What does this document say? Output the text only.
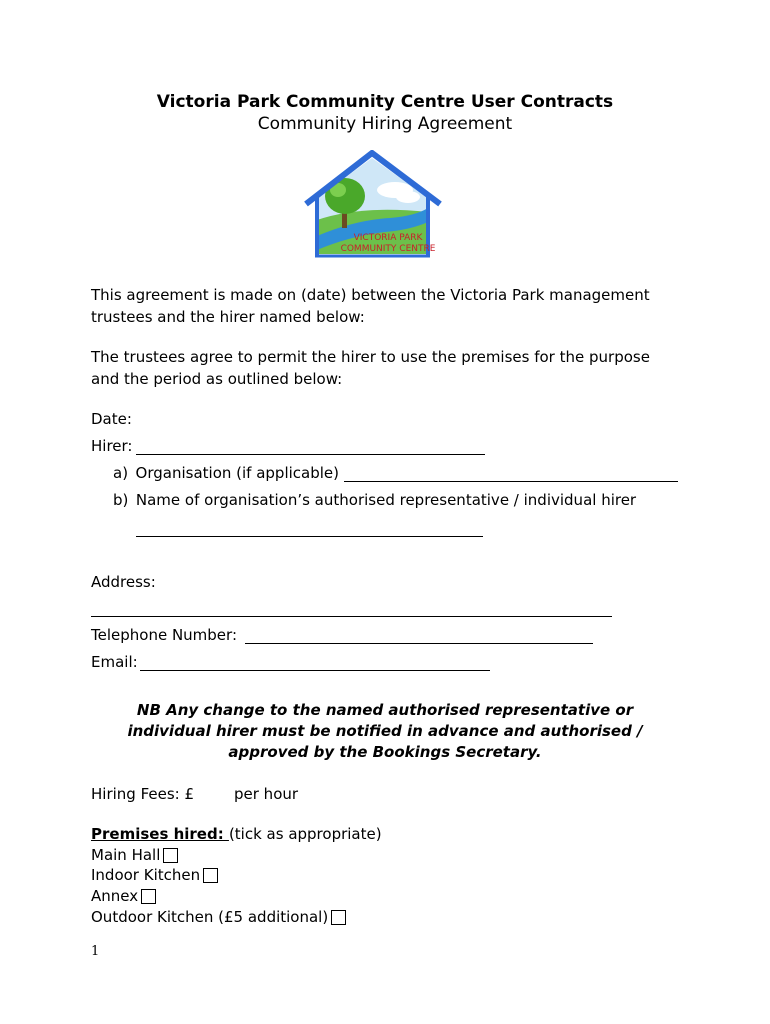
Victoria Park Community Centre User Contracts
Community Hiring Agreement
VICTORIA PARK
COMMUNITY CENTRE
This agreement is made on (date) between the Victoria Park management
trustees and the hirer named below:
The trustees agree to permit the hirer to use the premises for the purpose
and the period as outlined below:
Date:
Hirer:
a) Organisation (if applicable)
b) Name of organisation’s authorised representative / individual hirer
Address:
Telephone Number:
Email:
NB Any change to the named authorised representative or
individual hirer must be notified in advance and authorised /
approved by the Bookings Secretary.
Hiring Fees: £	per hour
Premises hired: (tick as appropriate)
Main Hall
Indoor Kitchen
Annex
Outdoor Kitchen (£5 additional)
1
